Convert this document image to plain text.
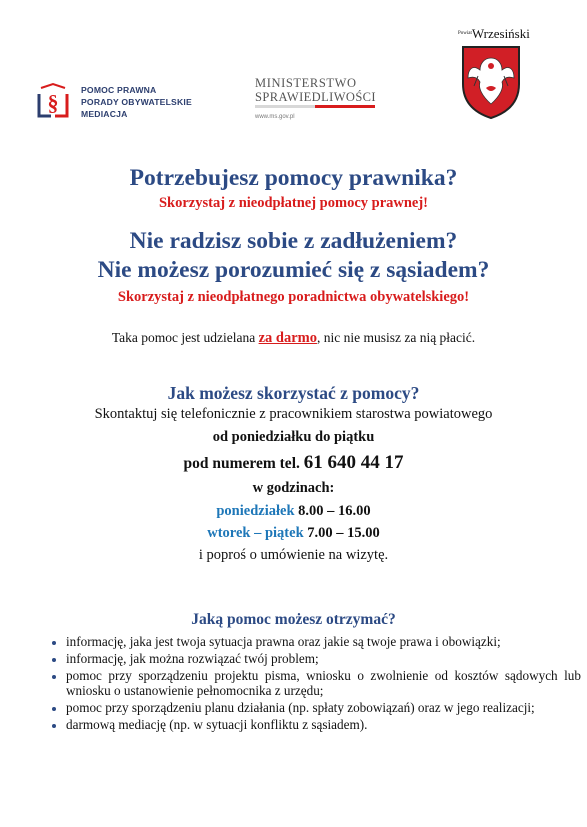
§	POMOC PRAWNA
PORADY OBYWATELSKIE
MEDIACJA
MINISTERSTWO
SPRAWIEDLIWOŚCI
www.ms.gov.pl
$^{Powiat}$Wrzesiński
Potrzebujesz pomocy prawnika?
Skorzystaj z nieodpłatnej pomocy prawnej!
Nie radzisz sobie z zadłużeniem?
Nie możesz porozumieć się z sąsiadem?
Skorzystaj z nieodpłatnego poradnictwa obywatelskiego!
Taka pomoc jest udzielana za darmo, nic nie musisz za nią płacić.
Jak możesz skorzystać z pomocy?
Skontaktuj się telefonicznie z pracownikiem starostwa powiatowego
od poniedziałku do piątku
pod numerem tel. 61 640 44 17
w godzinach:
poniedziałek 8.00 – 16.00
wtorek – piątek 7.00 – 15.00
i poproś o umówienie na wizytę.
Jaką pomoc możesz otrzymać?
• informację, jaka jest twoja sytuacja prawna oraz jakie są twoje prawa i obowiązki;
• informację, jak można rozwiązać twój problem;
• pomoc przy sporządzeniu projektu pisma, wniosku o zwolnienie od kosztów sądowych lub wniosku o ustanowienie pełnomocnika z urzędu;
• pomoc przy sporządzeniu planu działania (np. spłaty zobowiązań) oraz w jego realizacji;
• darmową mediację (np. w sytuacji konfliktu z sąsiadem).
